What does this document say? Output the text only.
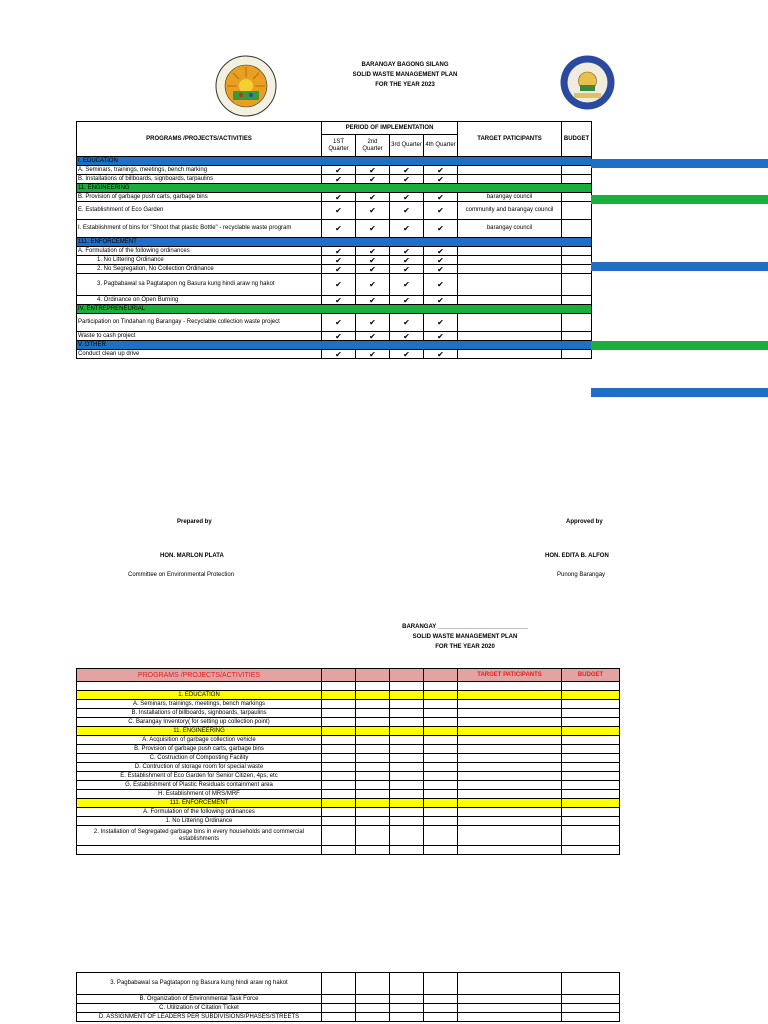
BARANGAY BAGONG SILANG
SOLID WASTE MANAGEMENT PLAN
FOR THE YEAR 2023
PROGRAMS /PROJECTS/ACTIVITIES	PERIOD OF IMPLEMENTATION				TARGET PATICIPANTS	BUDGET
	1ST Quarter	2nd Quarter	3rd Quarter	4th Quarter		
I. EDUCATION						
A. Seminars, trainings, meetings, bench marking	✔	✔	✔	✔		
B. Installations of billboards, signboards, tarpaulins	✔	✔	✔	✔		
11. ENGINEERING						
B. Provision of garbage push carts, garbage bins	✔	✔	✔	✔	barangay council	
E. Establishment of Eco Garden	✔	✔	✔	✔	community and barangay council	
I. Establishment of bins for "Shoot that plastic Bottle" - recyclable waste program	✔	✔	✔	✔	barangay council	
111. ENFORCEMENT						
A. Formulation of the following ordinances	✔	✔	✔	✔		
1. No Littering Ordinance	✔	✔	✔	✔		
2. No Segregation, No Collection Ordinance	✔	✔	✔	✔		
3. Pagbabawal sa Pagtatapon ng Basura kung hindi araw ng hakot	✔	✔	✔	✔		
4. Ordinance on Open Burning	✔	✔	✔	✔		
IV. ENTREPRENEURIAL						
Participation on Tindahan ng Barangay - Recyclable collection waste project	✔	✔	✔	✔		
Waste to cash project	✔	✔	✔	✔		
V. OTHER						
Conduct clean up drive	✔	✔	✔	✔		
Prepared by
HON. MARLON PLATA
Committee on Environmental Protection
Approved by
HON. EDITA B. ALFON
Punong Barangay
BARANGAY ___________________________
SOLID WASTE MANAGEMENT PLAN
FOR THE YEAR 2020
PROGRAMS /PROJECTS/ACTIVITIES					TARGET PATICIPANTS	BUDGET

1. EDUCATION						
A. Seminars, trainings, meetings, bench markings						
B. Installations of billboards, signboards, tarpaulins						
C. Barangay Inventory( for setting up collection point)						
11. ENGINEERING						
A. Acquisition of garbage collection vehicle						
B. Provision of garbage push carts, garbage bins						
C. Costruction of Composting Facility						
D. Contruction of storage room for special waste						
E. Establishment of Eco Garden for Senior Citizen, 4ps, etc						
G. Establishment of Plastic Residuals containment area						
H. Establishment of MRS/MRF						
111. ENFORCEMENT						
A. Formulation of the following ordinances						
1. No Littering Ordinance						
2. Installation of Segregated garbage bins in every households and commercial establishments						

3. Pagbabawal sa Pagtatapon ng Basura kung hindi araw ng hakot						
B. Organization of Environmental Task Force						
C. Utilization of Citation Ticket						
D. ASSIGNMENT OF LEADERS PER SUBDIVISIONS/PHASES/STREETS						
